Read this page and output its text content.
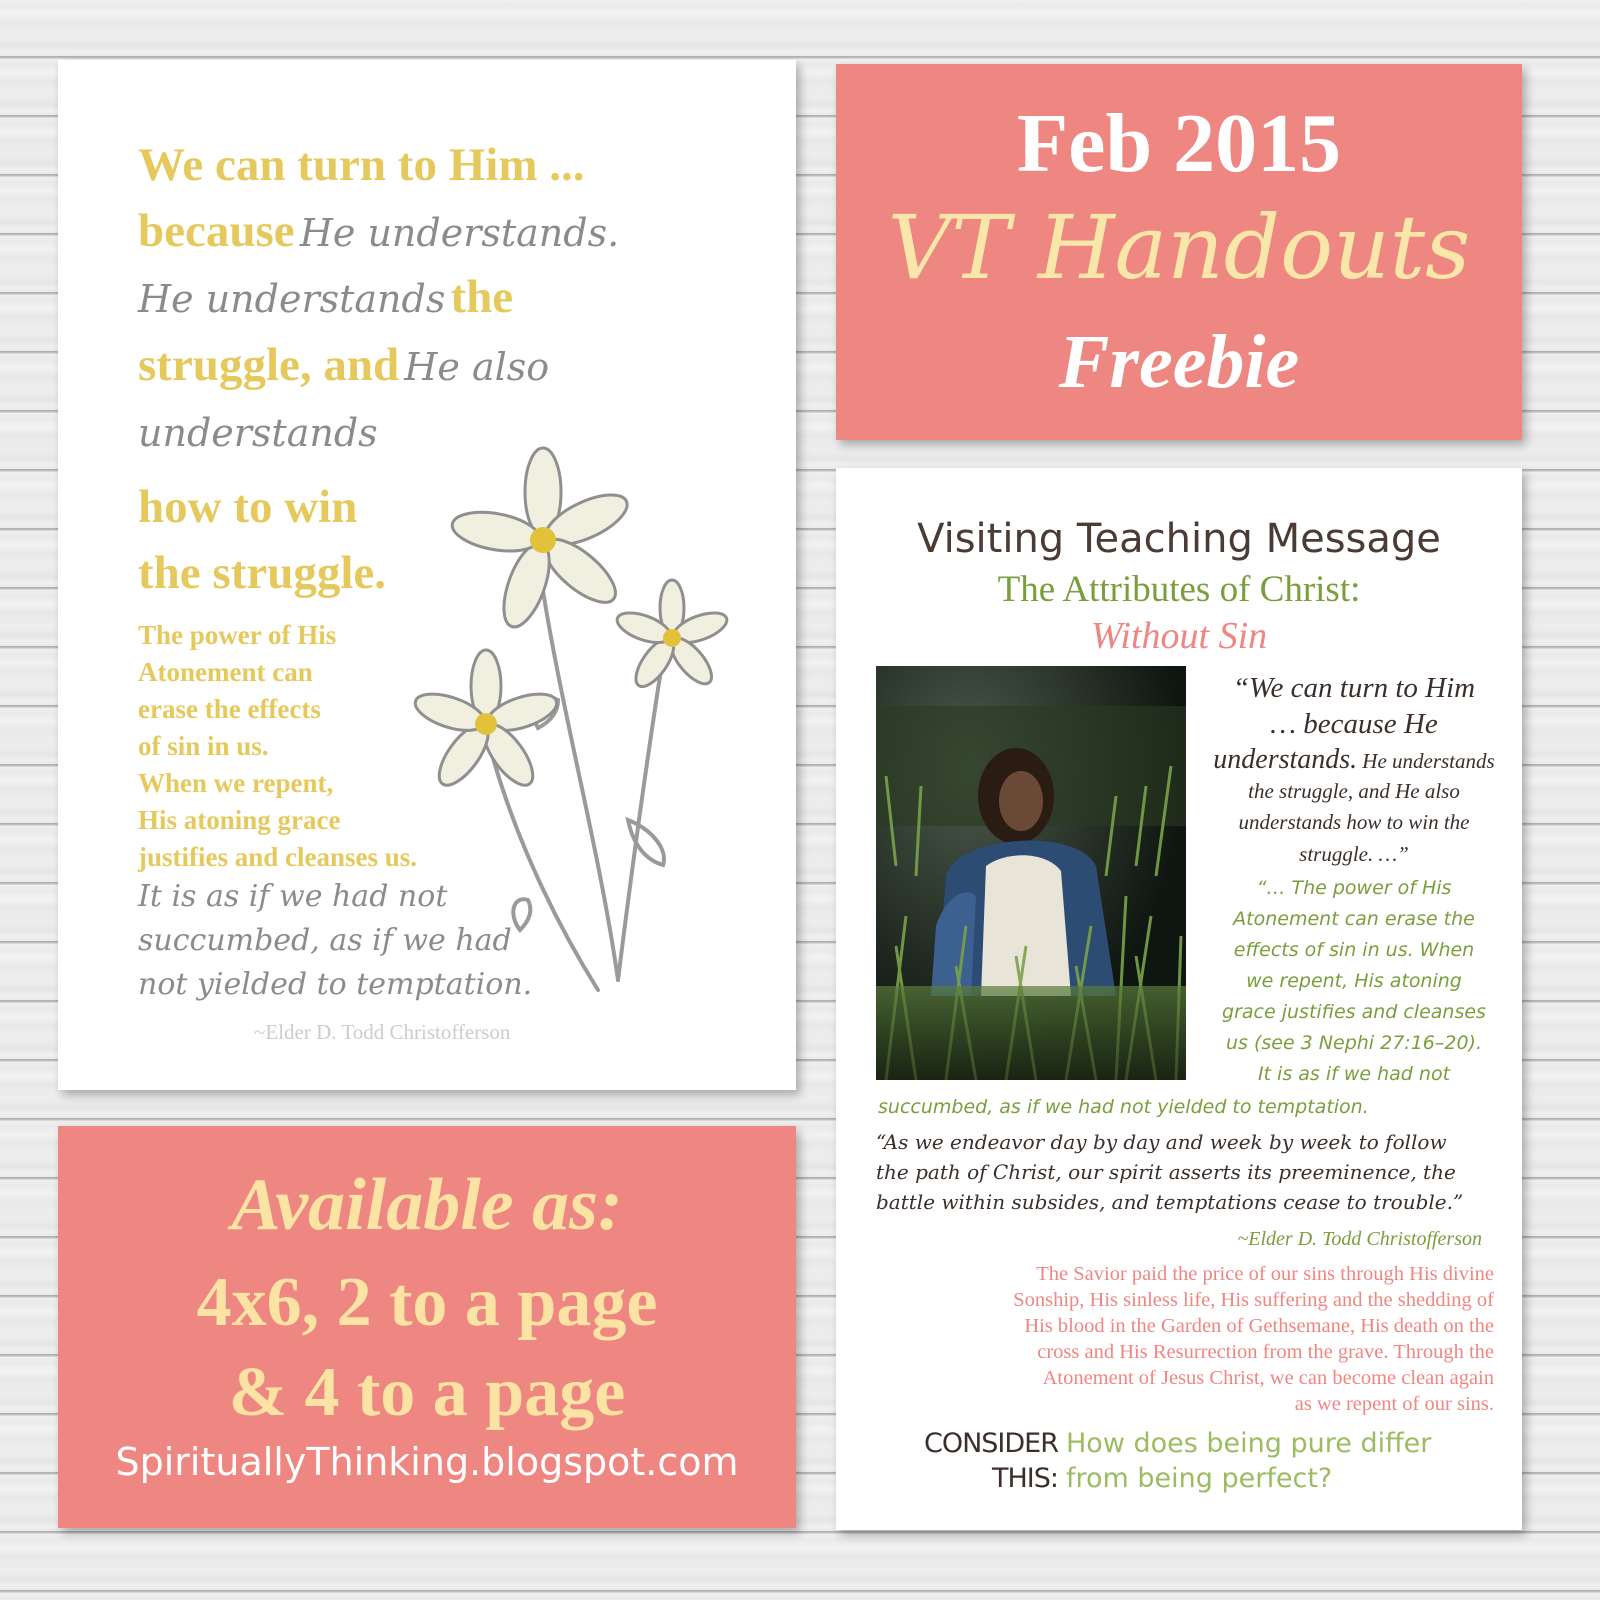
We can turn to Him ...
because He understands.
He understands the
struggle, and He also
understands
how to win
the struggle.
The power of His
Atonement can
erase the effects
of sin in us.
When we repent,
His atoning grace
justifies and cleanses us.
It is as if we had not
succumbed, as if we had
not yielded to temptation.
~Elder D. Todd Christofferson
Feb 2015
VT Handouts
Freebie
Available as:
4x6, 2 to a page
& 4 to a page
SpirituallyThinking.blogspot.com
Visiting Teaching Message
The Attributes of Christ:
Without Sin
“We can turn to Him
… because He
understands. He understands
the struggle, and He also
understands how to win the
struggle. …”
“… The power of His
Atonement can erase the
effects of sin in us. When
we repent, His atoning
grace justifies and cleanses
us (see 3 Nephi 27:16–20).
It is as if we had not
succumbed, as if we had not yielded to temptation.
“As we endeavor day by day and week by week to follow
the path of Christ, our spirit asserts its preeminence, the
battle within subsides, and temptations cease to trouble.”
~Elder D. Todd Christofferson
The Savior paid the price of our sins through His divine
Sonship, His sinless life, His suffering and the shedding of
His blood in the Garden of Gethsemane, His death on the
cross and His Resurrection from the grave. Through the
Atonement of Jesus Christ, we can become clean again
as we repent of our sins.
CONSIDER
THIS:
How does being pure differ
from being perfect?
